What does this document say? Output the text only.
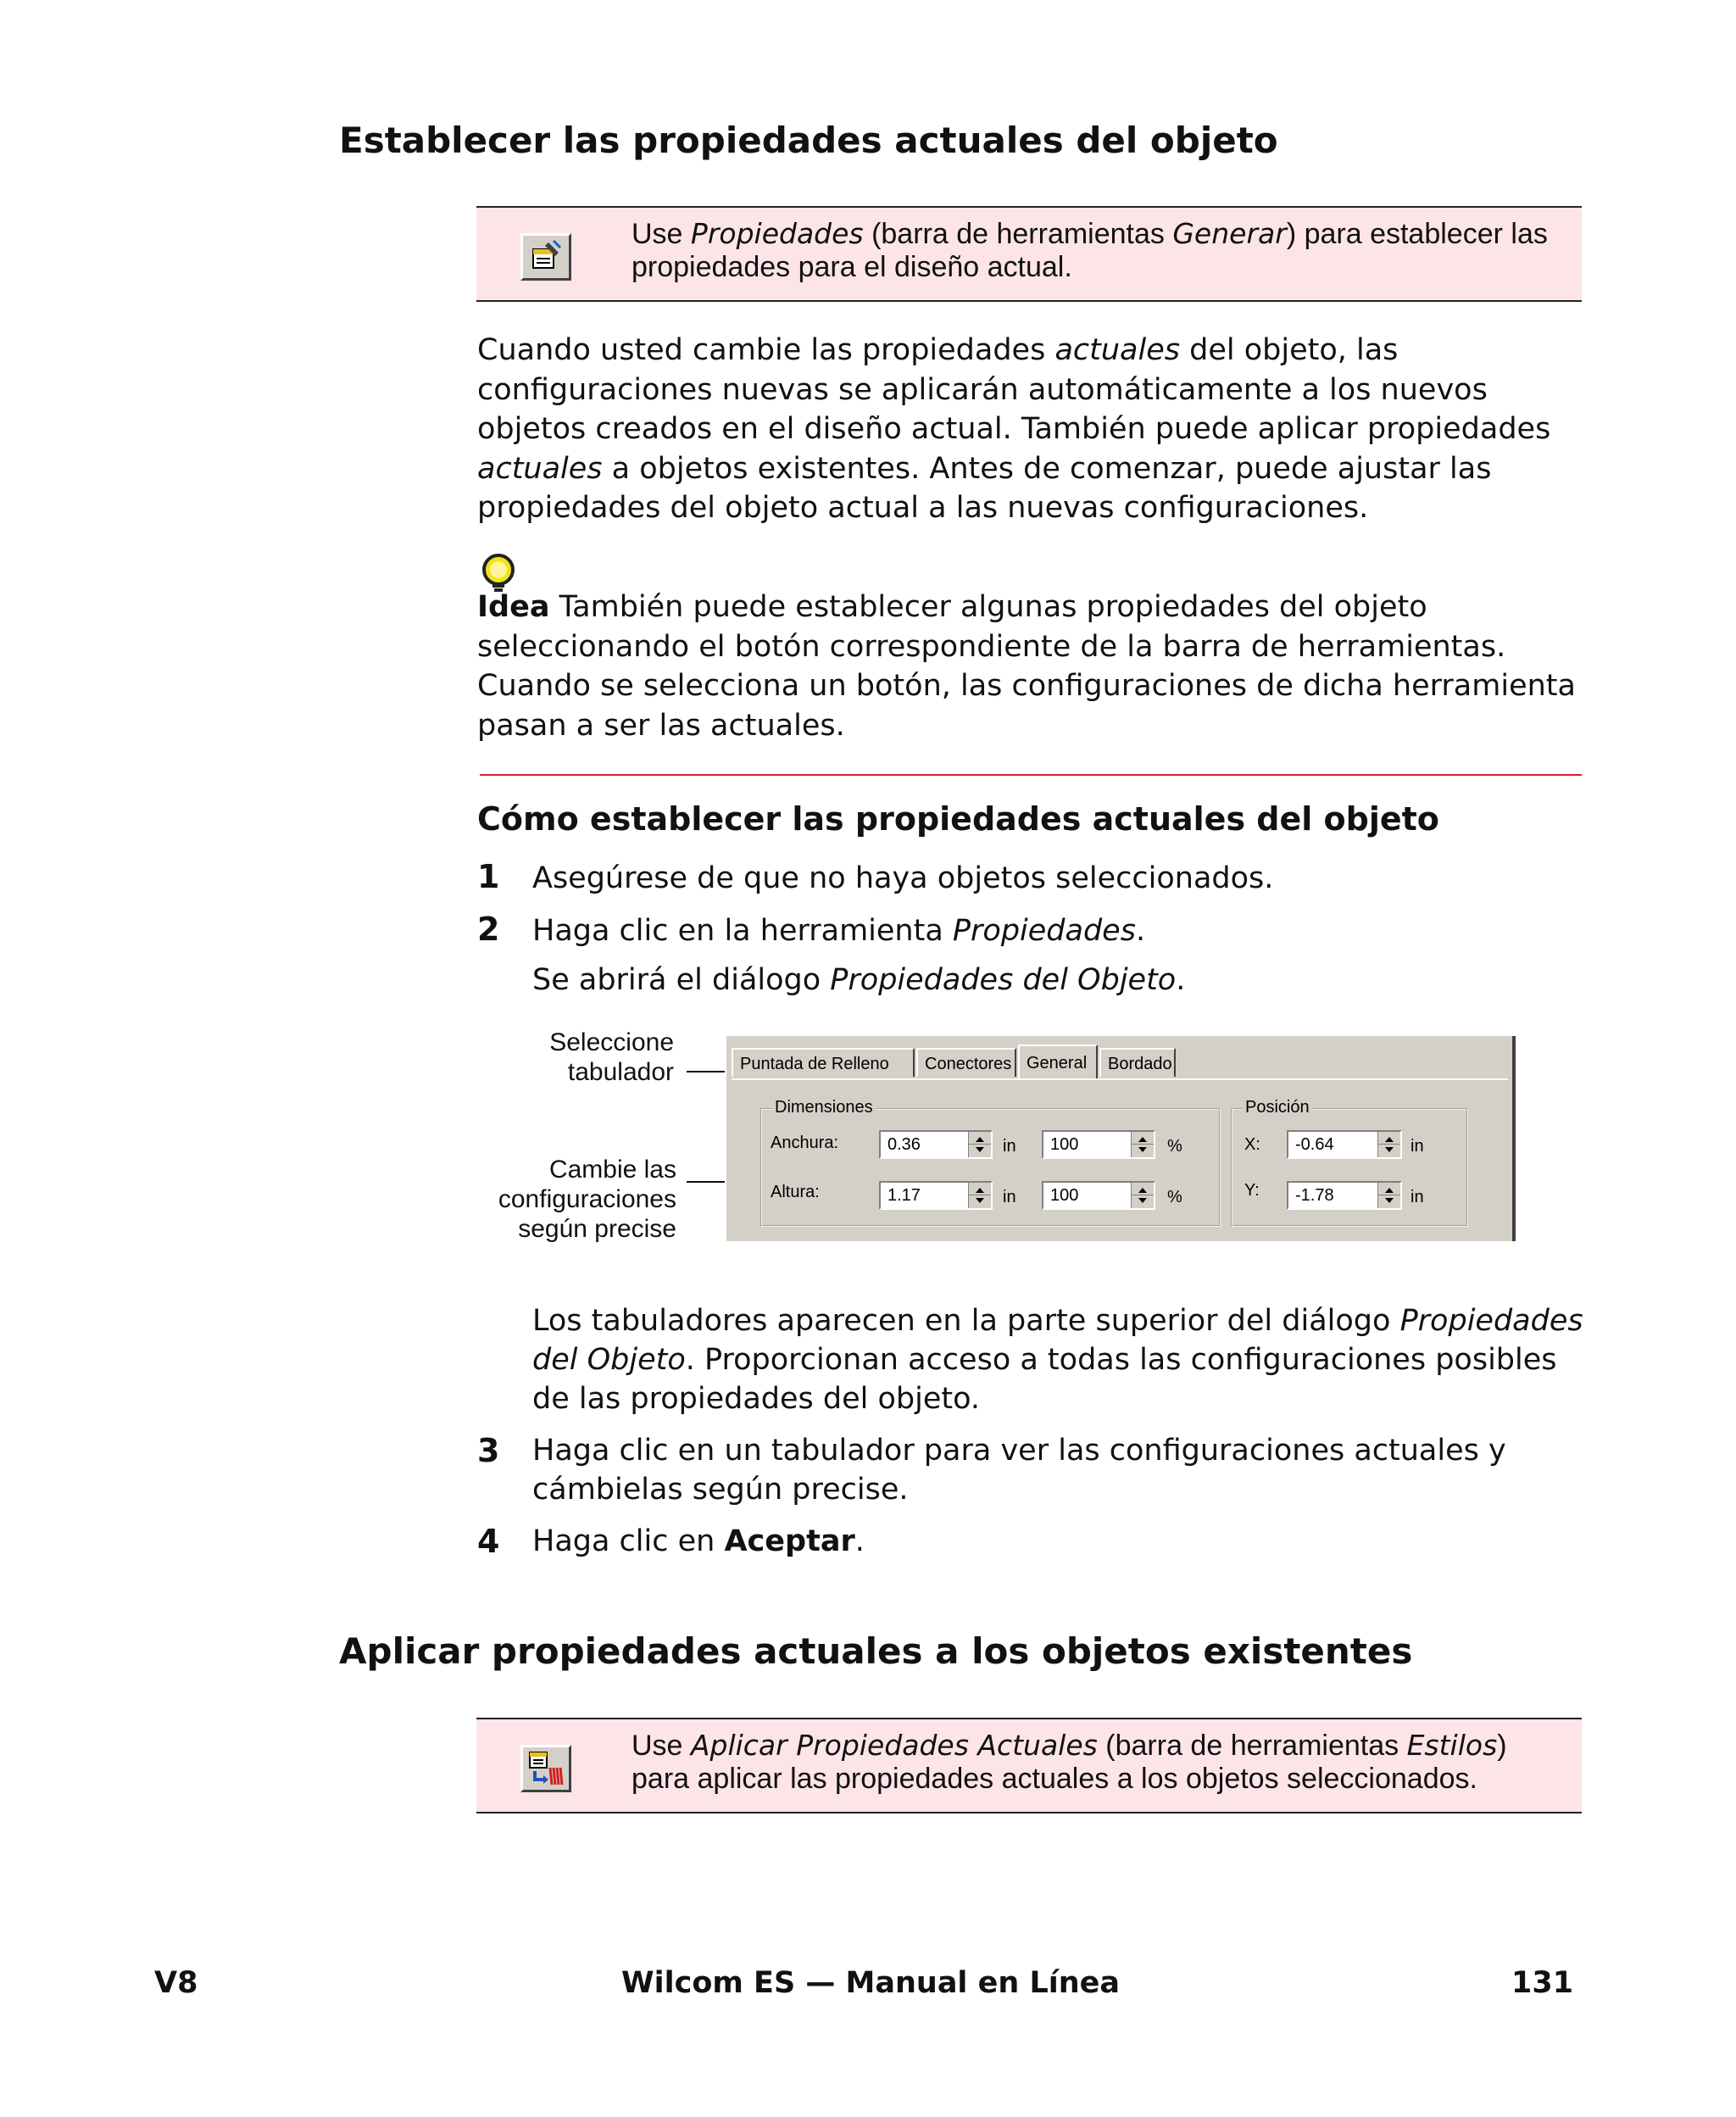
Establecer las propiedades actuales del objeto
Use Propiedades (barra de herramientas Generar) para establecer las propiedades para el diseño actual.
Cuando usted cambie las propiedades actuales del objeto, las configuraciones nuevas se aplicarán automáticamente a los nuevos objetos creados en el diseño actual. También puede aplicar propiedades actuales a objetos existentes. Antes de comenzar, puede ajustar las propiedades del objeto actual a las nuevas configuraciones.
Idea También puede establecer algunas propiedades del objeto seleccionando el botón correspondiente de la barra de herramientas. Cuando se selecciona un botón, las configuraciones de dicha herramienta pasan a ser las actuales.
Cómo establecer las propiedades actuales del objeto
1 Asegúrese de que no haya objetos seleccionados.
2 Haga clic en la herramienta Propiedades.
Se abrirá el diálogo Propiedades del Objeto.
Seleccione tabulador
Cambie las configuraciones según precise
Puntada de Relleno	Conectores General	Bordado
Dimensiones
Anchura:	0.36	in 100	%
Altura:	1.17	in 100	%
Posición
X: -0.64	in
Y: -1.78	in
Los tabuladores aparecen en la parte superior del diálogo Propiedades del Objeto. Proporcionan acceso a todas las configuraciones posibles de las propiedades del objeto.
3 Haga clic en un tabulador para ver las configuraciones actuales y cámbielas según precise.
4 Haga clic en Aceptar.
Aplicar propiedades actuales a los objetos existentes
Use Aplicar Propiedades Actuales (barra de herramientas Estilos) para aplicar las propiedades actuales a los objetos seleccionados.
V8	Wilcom ES — Manual en Línea	131
